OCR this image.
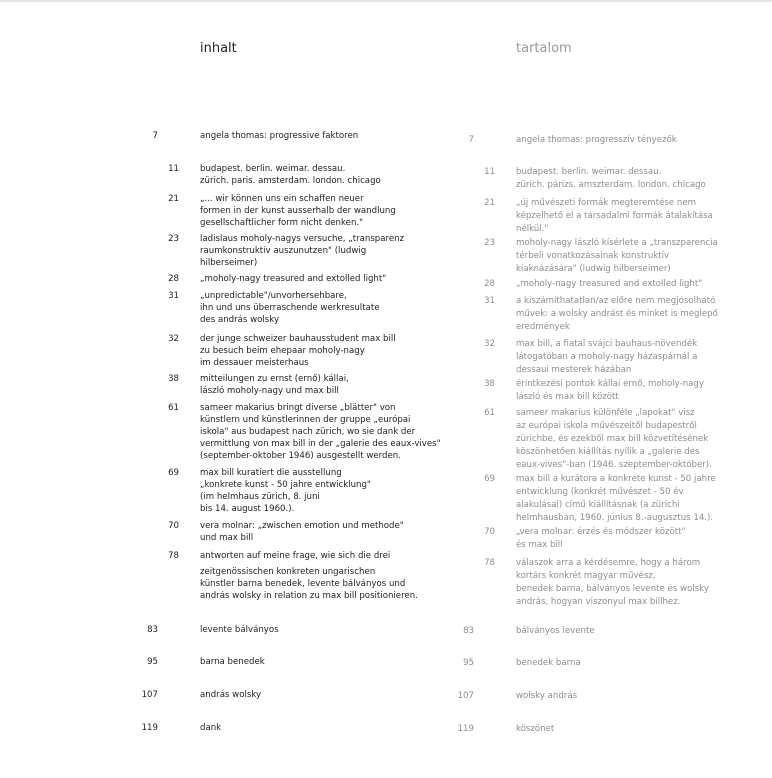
inhalt	tartalom
7	angela thomas: progressive faktoren
11 budapest. berlin. weimar. dessau.
zürich. paris. amsterdam. london. chicago
21 „... wir können uns ein schaffen neuer
formen in der kunst ausserhalb der wandlung
gesellschaftlicher form nicht denken."
23 ladislaus moholy-nagys versuche, „transparenz
raumkonstruktiv auszunutzen" (ludwig
hilberseimer)
28 „moholy-nagy treasured and extolled light"
31 „unpredictable"/unvorhersehbare,
ihn und uns überraschende werkresultate
des andrás wolsky
32 der junge schweizer bauhausstudent max bill
zu besuch beim ehepaar moholy-nagy
im dessauer meisterhaus
38 mitteilungen zu ernst (ernő) kállai,
lászló moholy-nagy und max bill
61 sameer makarius bringt diverse „blätter" von
künstlern und künstlerinnen der gruppe „európai
iskola" aus budapest nach zürich, wo sie dank der
vermittlung von max bill in der „galerie des eaux-vives"
(september-oktober 1946) ausgestellt werden.
69 max bill kuratiert die ausstellung
„konkrete kunst - 50 jahre entwicklung"
(im helmhaus zürich, 8. juni
bis 14. august 1960.).
70 vera molnar: „zwischen emotion und methode"
und max bill
78 antworten auf meine frage, wie sich die drei
zeitgenössischen konkreten ungarischen
künstler barna benedek, levente bálványos und
andrás wolsky in relation zu max bill positionieren.
83	levente bálványos
95	barna benedek
107	andrás wolsky
119	dank
7	angela thomas: progresszív tényezők
11 budapest. berlin. weimar. dessau.
zürich. párizs. amszterdam. london. chicago
21 „új művészeti formák megteremtése nem
képzelhető el a társadalmi formák átalakítása
nélkül."
23 moholy-nagy lászló kísérlete a „transzparencia
térbeli vonatkozásainak konstruktív
kiaknázására" (ludwig hilberseimer)
28 „moholy-nagy treasured and extolled light"
31 a kiszámíthatatlan/az előre nem megjósolható
művek: a wolsky andrást és minket is meglepő
eredmények
32 max bill, a fiatal svájci bauhaus-növendék
látogatóban a moholy-nagy házaspárnál a
dessaui mesterek házában
38 érintkezési pontok kállai ernő, moholy-nagy
lászló és max bill között
61 sameer makarius különféle „lapokat" visz
az európai iskola művészeitől budapestről
zürichbe, és ezekből max bill közvetítésének
köszönhetően kiállítás nyílik a „galerie des
eaux-vives"-ban (1946. szeptember-október).
69 max bill a kurátora a konkrete kunst - 50 jahre
entwicklung (konkrét művészet - 50 év
alakulásai) című kiállításnak (a zürichi
helmhausban, 1960. június 8.-augusztus 14.).
70 „vera molnar: érzés és módszer között"
és max bill
78 válaszok arra a kérdésemre, hogy a három
kortárs konkrét magyar művész,
benedek barna, bálványos levente és wolsky
andrás, hogyan viszonyul max billhez.
83	bálványos levente
95	benedek barna
107	wolsky andrás
119	köszönet
